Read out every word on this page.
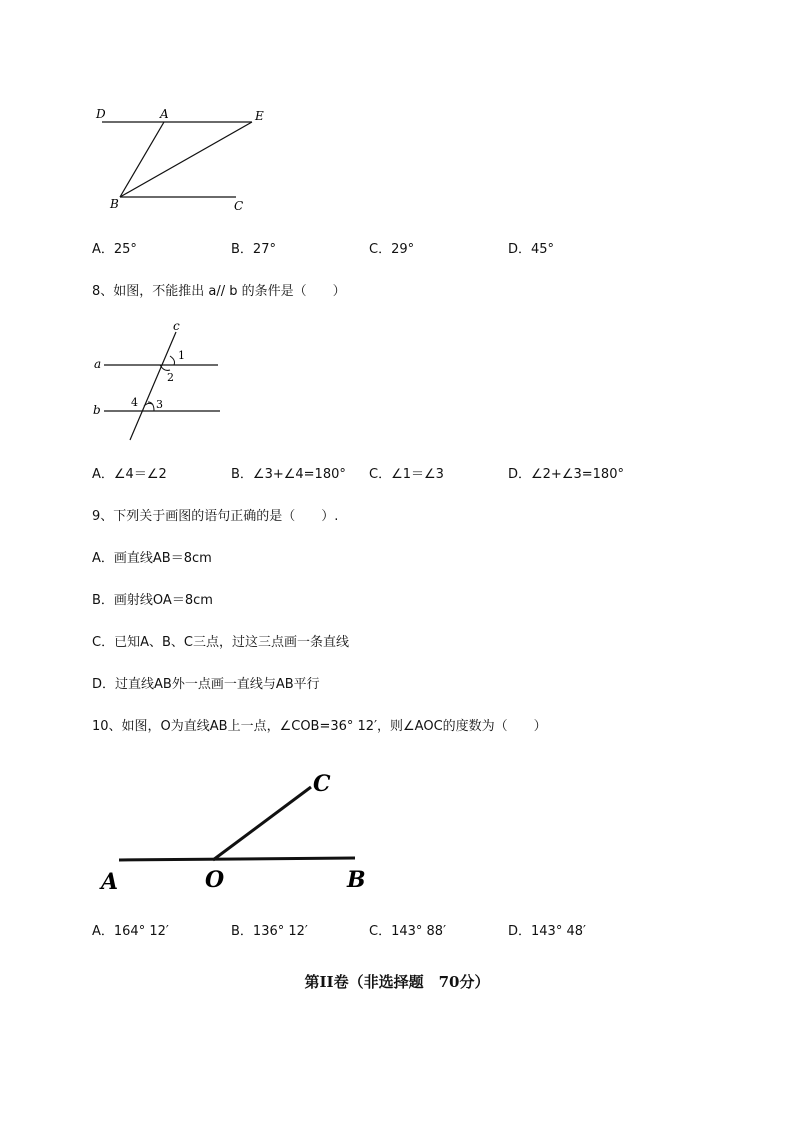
D	A	E
B	C
A．25°	B．27°	C．29°	D．45°
8、如图，不能推出 a// b 的条件是（　　）
c
a
b
1
2
4 3
A．∠4＝∠2	B．∠3+∠4=180° C．∠1＝∠3	D．∠2+∠3=180°
9、下列关于画图的语句正确的是（　　）.
A．画直线AB＝8cm
B．画射线OA＝8cm
C．已知A、B、C三点，过这三点画一条直线
D．过直线AB外一点画一直线与AB平行
10、如图，O为直线AB上一点，∠COB=36° 12′，则∠AOC的度数为（　　）
A	O	B
C
A．164° 12′	B．136° 12′	C．143° 88′	D．143° 48′
第II卷（非选择题　70分）
